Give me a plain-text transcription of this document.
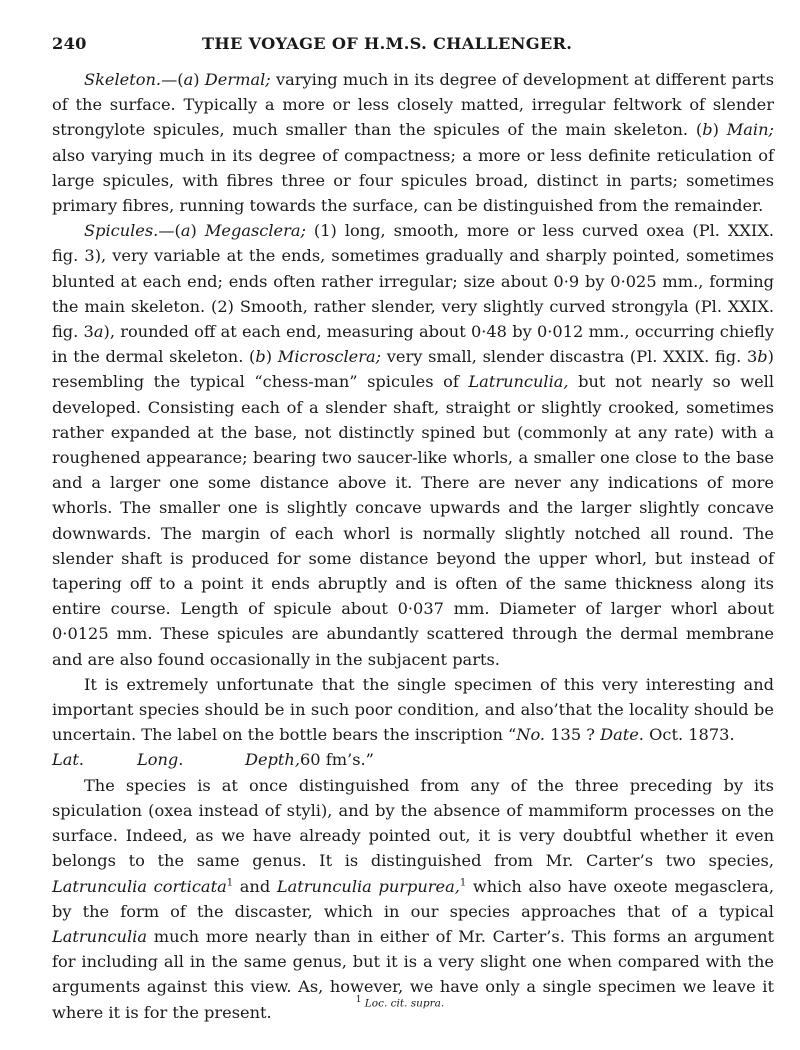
240	THE VOYAGE OF H.M.S. CHALLENGER.

Skeleton.—(a) Dermal; varying much in its degree of development at different parts of the surface. Typically a more or less closely matted, irregular feltwork of slender strongylote spicules, much smaller than the spicules of the main skeleton. (b) Main; also varying much in its degree of compactness; a more or less definite reticulation of large spicules, with fibres three or four spicules broad, distinct in parts; sometimes primary fibres, running towards the surface, can be distinguished from the remainder.

Spicules.—(a) Megasclera; (1) long, smooth, more or less curved oxea (Pl. XXIX. fig. 3), very variable at the ends, sometimes gradually and sharply pointed, sometimes blunted at each end; ends often rather irregular; size about 0·9 by 0·025 mm., forming the main skeleton. (2) Smooth, rather slender, very slightly curved strongyla (Pl. XXIX. fig. 3a), rounded off at each end, measuring about 0·48 by 0·012 mm., occurring chiefly in the dermal skeleton. (b) Microsclera; very small, slender discastra (Pl. XXIX. fig. 3b) resembling the typical “chess-man” spicules of Latrunculia, but not nearly so well developed. Consisting each of a slender shaft, straight or slightly crooked, sometimes rather expanded at the base, not distinctly spined but (commonly at any rate) with a roughened appearance; bearing two saucer-like whorls, a smaller one close to the base and a larger one some distance above it. There are never any indications of more whorls. The smaller one is slightly concave upwards and the larger slightly concave downwards. The margin of each whorl is normally slightly notched all round. The slender shaft is produced for some distance beyond the upper whorl, but instead of tapering off to a point it ends abruptly and is often of the same thickness along its entire course. Length of spicule about 0·037 mm. Diameter of larger whorl about 0·0125 mm. These spicules are abundantly scattered through the dermal membrane and are also found occasionally in the subjacent parts.

It is extremely unfortunate that the single specimen of this very interesting and important species should be in such poor condition, and also’that the locality should be uncertain. The label on the bottle bears the inscription “No. 135 ? Date. Oct. 1873.

Lat.	Long.	Depth,60 fm’s.”

The species is at once distinguished from any of the three preceding by its spiculation (oxea instead of styli), and by the absence of mammiform processes on the surface. Indeed, as we have already pointed out, it is very doubtful whether it even belongs to the same genus. It is distinguished from Mr. Carter’s two species, Latrunculia corticata$^1$ and Latrunculia purpurea,$^1$ which also have oxeote megasclera, by the form of the discaster, which in our species approaches that of a typical Latrunculia much more nearly than in either of Mr. Carter’s. This forms an argument for including all in the same genus, but it is a very slight one when compared with the arguments against this view. As, however, we have only a single specimen we leave it where it is for the present.

1 Loc. cit. supra.
